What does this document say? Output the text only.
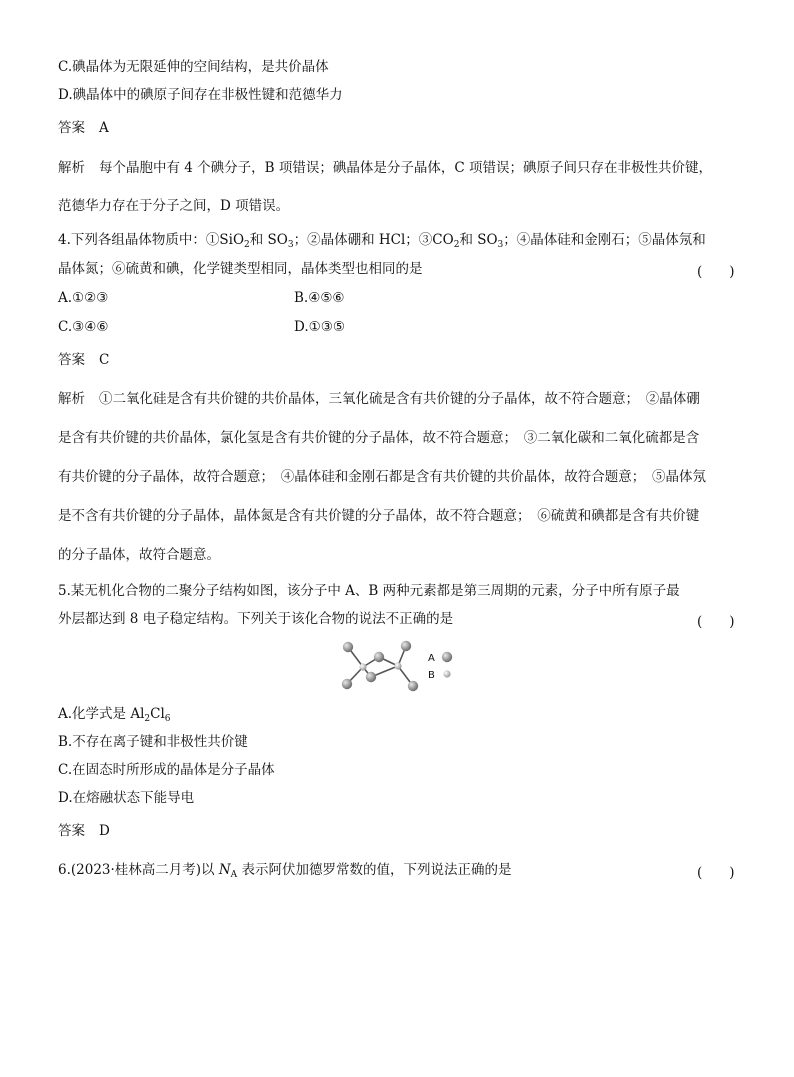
C.碘晶体为无限延伸的空间结构，是共价晶体
D.碘晶体中的碘原子间存在非极性键和范德华力
答案 A
解析 每个晶胞中有 4 个碘分子，B 项错误；碘晶体是分子晶体，C 项错误；碘原子间只存在非极性共价键，
范德华力存在于分子之间，D 项错误。
4.下列各组晶体物质中：①SiO$_2$和 $SO_3$；②晶体硼和 HCl；$③CO_2$和 $SO_3$；④晶体硅和金刚石；⑤晶体氖和
晶体氮；⑥硫黄和碘，化学键类型相同，晶体类型也相同的是	(　　)
A.①②③	B.④⑤⑥
C.③④⑥	D.①③⑤
答案 C
解析 ①二氧化硅是含有共价键的共价晶体，三氧化硫是含有共价键的分子晶体，故不符合题意；　②晶体硼
是含有共价键的共价晶体，氯化氢是含有共价键的分子晶体，故不符合题意；　③二氧化碳和二氧化硫都是含
有共价键的分子晶体，故符合题意；　④晶体硅和金刚石都是含有共价键的共价晶体，故符合题意；　⑤晶体氖
是不含有共价键的分子晶体，晶体氮是含有共价键的分子晶体，故不符合题意；　⑥硫黄和碘都是含有共价键
的分子晶体，故符合题意。
5.某无机化合物的二聚分子结构如图，该分子中 A、B 两种元素都是第三周期的元素，分子中所有原子最
外层都达到 8 电子稳定结构。下列关于该化合物的说法不正确的是	(　　)
A
B
A.化学式是 $Al_2Cl_6$
B.不存在离子键和非极性共价键
C.在固态时所形成的晶体是分子晶体
D.在熔融状态下能导电
答案 D
6.(2023·桂林高二月考)以 $N_A$ 表示阿伏加德罗常数的值，下列说法正确的是	(　　)
